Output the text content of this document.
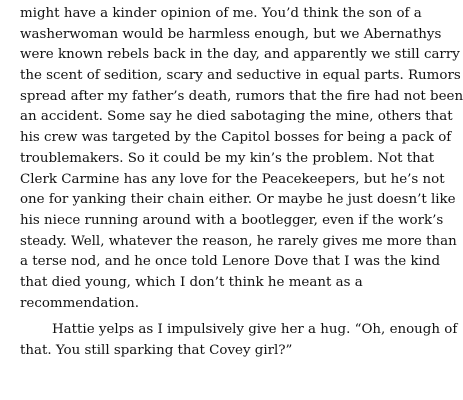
might have a kinder opinion of me. You’d think the son of a
washerwoman would be harmless enough, but we Abernathys
were known rebels back in the day, and apparently we still carry
the scent of sedition, scary and seductive in equal parts. Rumors
spread after my father’s death, rumors that the fire had not been
an accident. Some say he died sabotaging the mine, others that
his crew was targeted by the Capitol bosses for being a pack of
troublemakers. So it could be my kin’s the problem. Not that
Clerk Carmine has any love for the Peacekeepers, but he’s not
one for yanking their chain either. Or maybe he just doesn’t like
his niece running around with a bootlegger, even if the work’s
steady. Well, whatever the reason, he rarely gives me more than
a terse nod, and he once told Lenore Dove that I was the kind
that died young, which I don’t think he meant as a
recommendation.
Hattie yelps as I impulsively give her a hug. “Oh, enough of
that. You still sparking that Covey girl?”
